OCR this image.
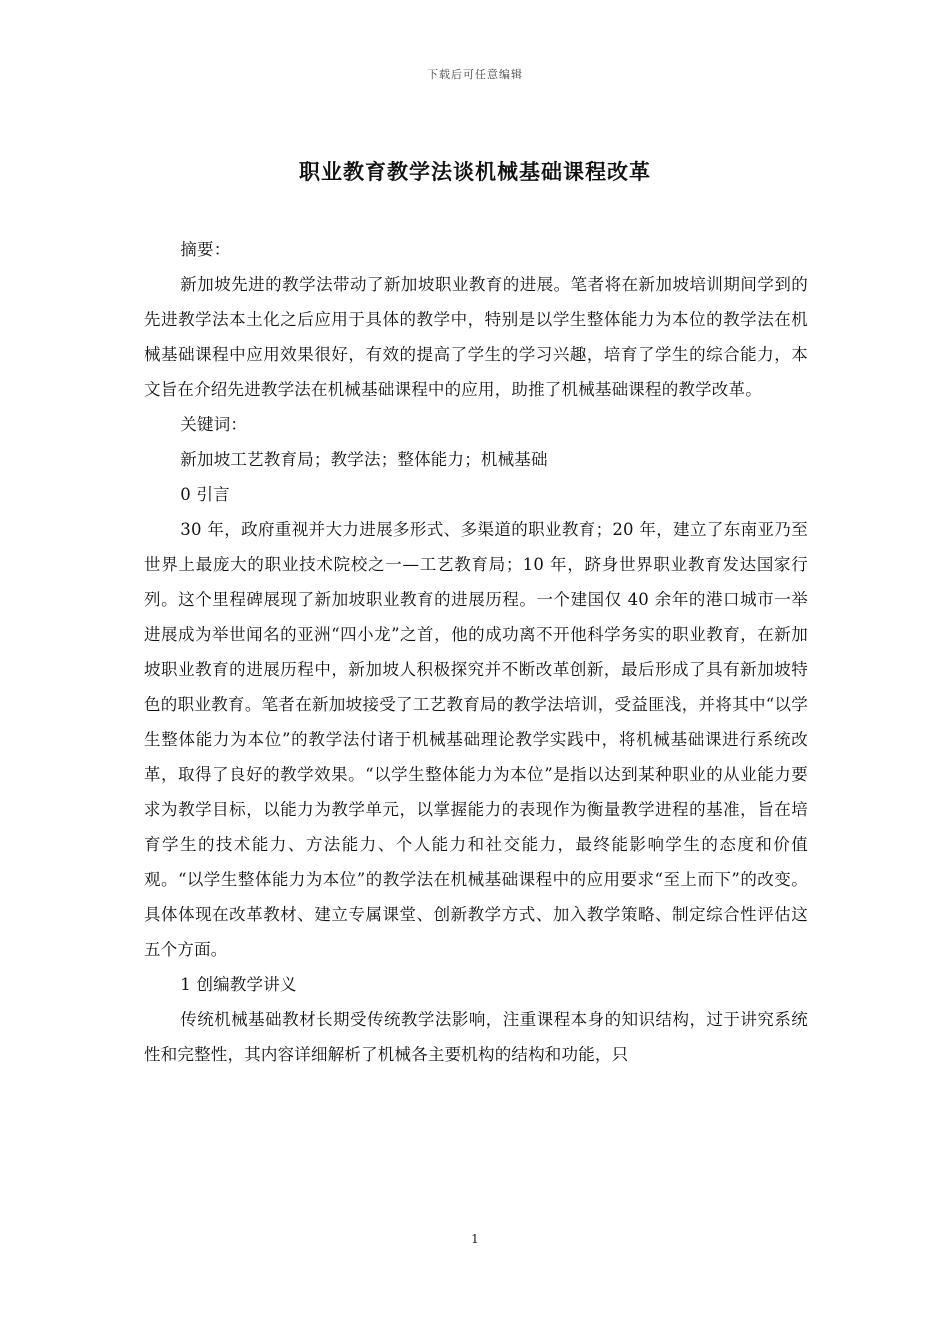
下载后可任意编辑
职业教育教学法谈机械基础课程改革

摘要：

新加坡先进的教学法带动了新加坡职业教育的进展。笔者将在新加坡培训期间学到的先进教学法本土化之后应用于具体的教学中，特别是以学生整体能力为本位的教学法在机械基础课程中应用效果很好，有效的提高了学生的学习兴趣，培育了学生的综合能力，本文旨在介绍先进教学法在机械基础课程中的应用，助推了机械基础课程的教学改革。

关键词：

新加坡工艺教育局；教学法；整体能力；机械基础

0 引言

30 年，政府重视并大力进展多形式、多渠道的职业教育；20 年，建立了东南亚乃至世界上最庞大的职业技术院校之一—工艺教育局；10 年，跻身世界职业教育发达国家行列。这个里程碑展现了新加坡职业教育的进展历程。一个建国仅 40 余年的港口城市一举进展成为举世闻名的亚洲“四小龙”之首，他的成功离不开他科学务实的职业教育，在新加坡职业教育的进展历程中，新加坡人积极探究并不断改革创新，最后形成了具有新加坡特色的职业教育。笔者在新加坡接受了工艺教育局的教学法培训，受益匪浅，并将其中“以学生整体能力为本位”的教学法付诸于机械基础理论教学实践中，将机械基础课进行系统改革，取得了良好的教学效果。“以学生整体能力为本位”是指以达到某种职业的从业能力要求为教学目标，以能力为教学单元，以掌握能力的表现作为衡量教学进程的基准，旨在培育学生的技术能力、方法能力、个人能力和社交能力，最终能影响学生的态度和价值观。“以学生整体能力为本位”的教学法在机械基础课程中的应用要求“至上而下”的改变。具体体现在改革教材、建立专属课堂、创新教学方式、加入教学策略、制定综合性评估这五个方面。

1 创编教学讲义

传统机械基础教材长期受传统教学法影响，注重课程本身的知识结构，过于讲究系统性和完整性，其内容详细解析了机械各主要机构的结构和功能，只

1
